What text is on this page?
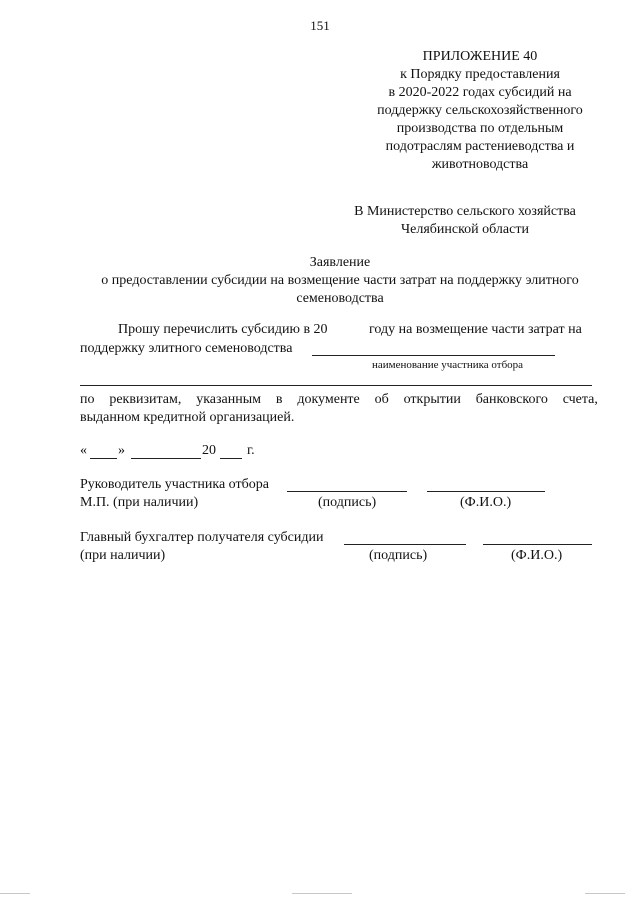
151
ПРИЛОЖЕНИЕ 40
к Порядку предоставления
в 2020-2022 годах субсидий на
поддержку сельскохозяйственного
производства по отдельным
подотраслям растениеводства и
животноводства
В Министерство сельского хозяйства
Челябинской области
Заявление
о предоставлении субсидии на возмещение части затрат на поддержку элитного
семеноводства
Прошу перечислить субсидию в 20	году на возмещение части затрат на
поддержку элитного семеноводства
наименование участника отбора
по реквизитам, указанным в документе об открытии банковского счета,
выданном кредитной организацией.
« »	20 г.
Руководитель участника отбора
М.П. (при наличии)	(подпись)	(Ф.И.О.)
Главный бухгалтер получателя субсидии
(при наличии)	(подпись)	(Ф.И.О.)
